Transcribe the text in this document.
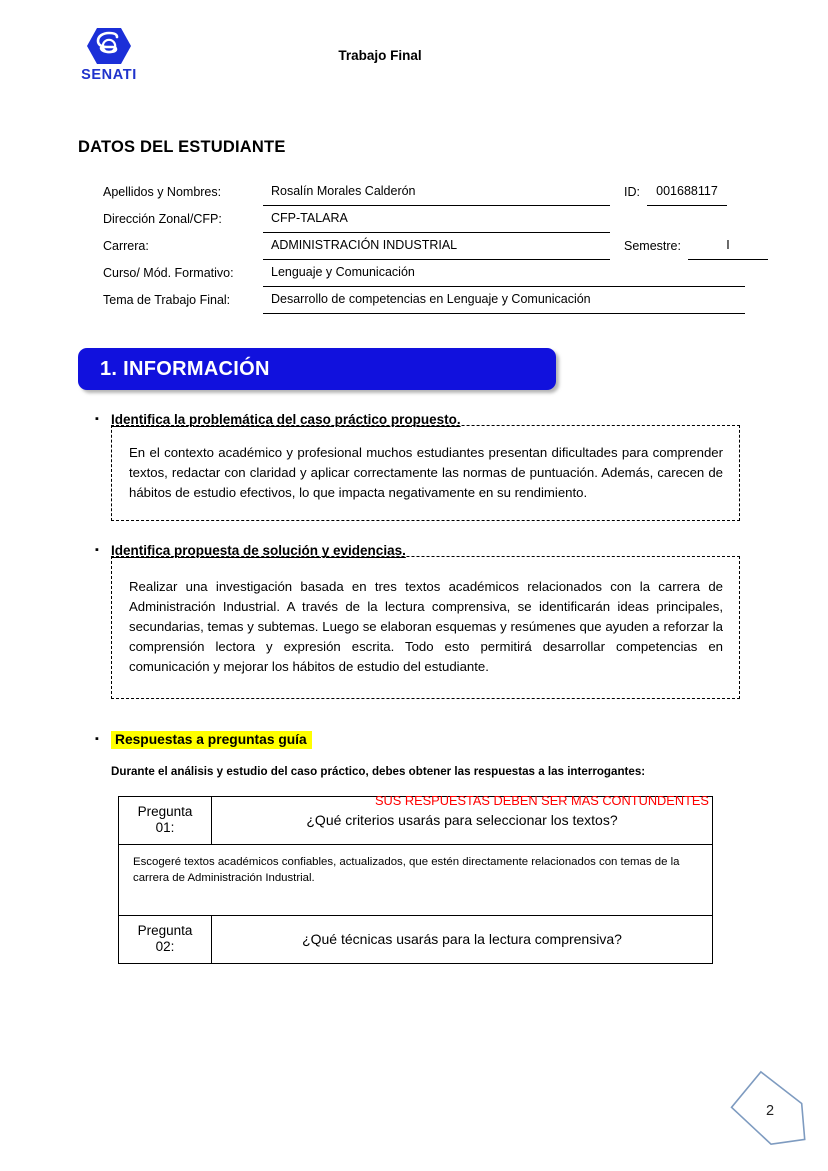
SENATI
Trabajo Final
DATOS DEL ESTUDIANTE
Apellidos y Nombres:	Rosalín Morales Calderón	ID:	001688117
Dirección Zonal/CFP:	CFP-TALARA
Carrera:	ADMINISTRACIÓN INDUSTRIAL	Semestre:	I
Curso/ Mód. Formativo:	Lenguaje y Comunicación
Tema de Trabajo Final:	Desarrollo de competencias en Lenguaje y Comunicación
1. INFORMACIÓN
▪ Identifica la problemática del caso práctico propuesto.

En el contexto académico y profesional muchos estudiantes presentan dificultades para comprender textos, redactar con claridad y aplicar correctamente las normas de puntuación. Además, carecen de hábitos de estudio efectivos, lo que impacta negativamente en su rendimiento.

▪ Identifica propuesta de solución y evidencias.

Realizar una investigación basada en tres textos académicos relacionados con la carrera de Administración Industrial. A través de la lectura comprensiva, se identificarán ideas principales, secundarias, temas y subtemas. Luego se elaboran esquemas y resúmenes que ayuden a reforzar la comprensión lectora y expresión escrita. Todo esto permitirá desarrollar competencias en comunicación y mejorar los hábitos de estudio del estudiante.

SUS RESPUESTAS DEBEN SER MAS CONTUNDENTES
▪	Respuestas a preguntas guía
Durante el análisis y estudio del caso práctico, debes obtener las respuestas a las interrogantes:
Pregunta
01:	¿Qué criterios usarás para seleccionar los textos?
Escogeré textos académicos confiables, actualizados, que estén directamente relacionados con temas de la carrera de Administración Industrial.	
Pregunta
02:	¿Qué técnicas usarás para la lectura comprensiva?
2
